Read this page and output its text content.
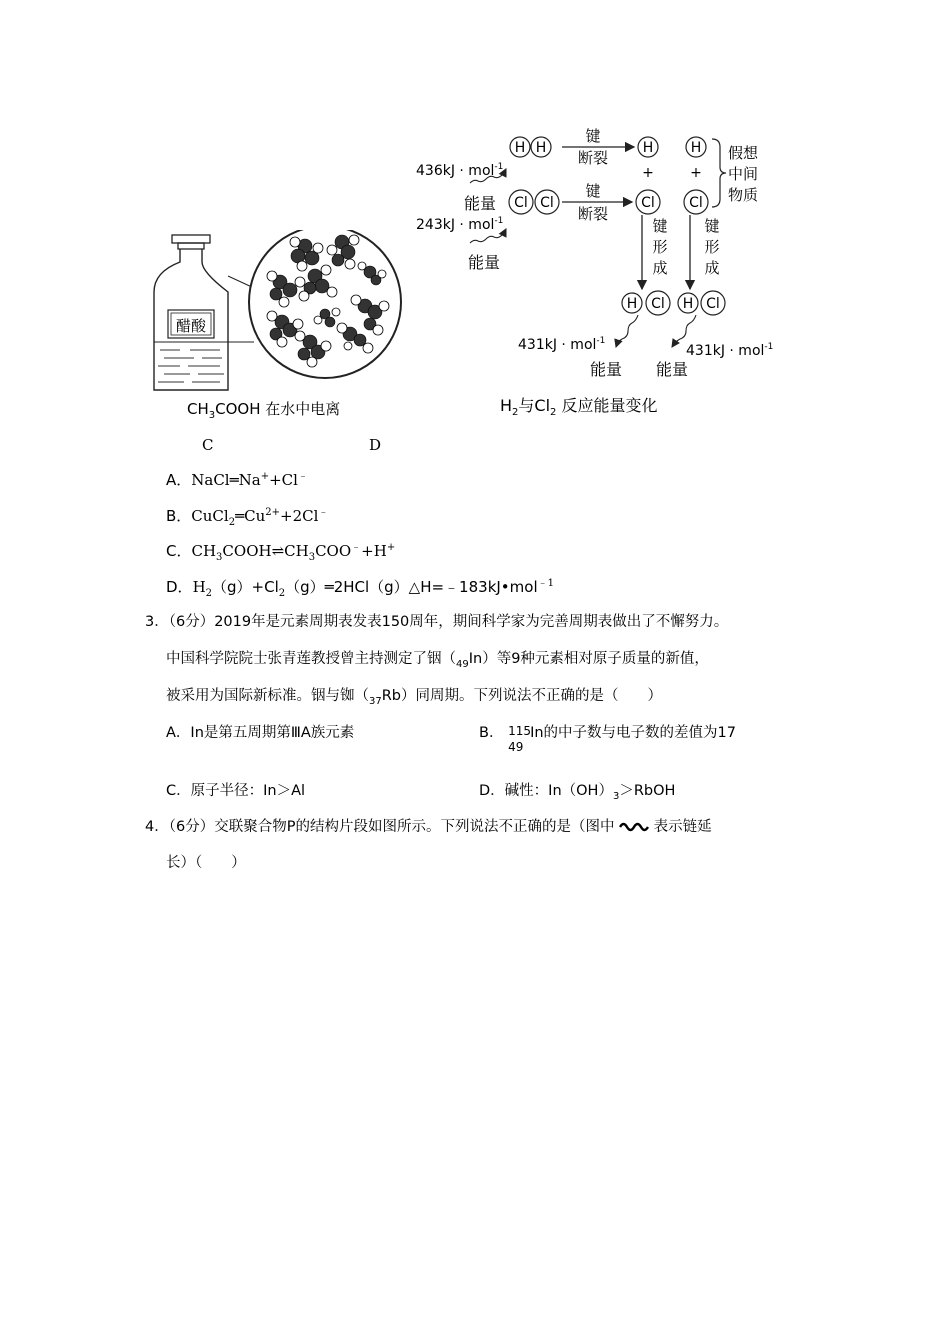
醋酸
$CH_3COOH$ 在水中电离
H H
Cl Cl
H
Cl
H
Cl
H Cl H Cl
+	+
键
断裂
键
断裂
键
形
成
键
形
成
假想
中间
物质
436kJ · mol$^{-1}$
243kJ · mol$^{-1}$
431kJ · mol$^{-1}$
431kJ · mol$^{-1}$
能量
能量
能量 能量
$H_2$与$Cl_2$ 反应能量变化
C	D
A．NaCl═Na++Cl﹣
B．$CuCl_2═Cu^{2+}+2Cl^﹣$
C．$CH_3COOH\rightleftharpoons CH_3COO^﹣+H^+$
D．$H_2(g)+Cl_2(g)═2HCl(g)\triangle H=﹣183kJ•mol^{﹣1}$
3．（6分）2019年是元素周期表发表150周年，期间科学家为完善周期表做出了不懈努力。
中国科学院院士张青莲教授曾主持测定了铟$(_{49}In)$等9种元素相对原子质量的新值，
被采用为国际新标准。铟与铷$(_{37}Rb)$同周期。下列说法不正确的是（　　）
A．In是第五周期第ⅢA族元素	B． 115
49
In的中子数与电子数的差值为17
C．原子半径：In＞Al	D．碱性：$In(OH)_3>RbOH$
4．（6分）交联聚合物P的结构片段如图所示。下列说法不正确的是（图中	表示链延
长）（　　）
